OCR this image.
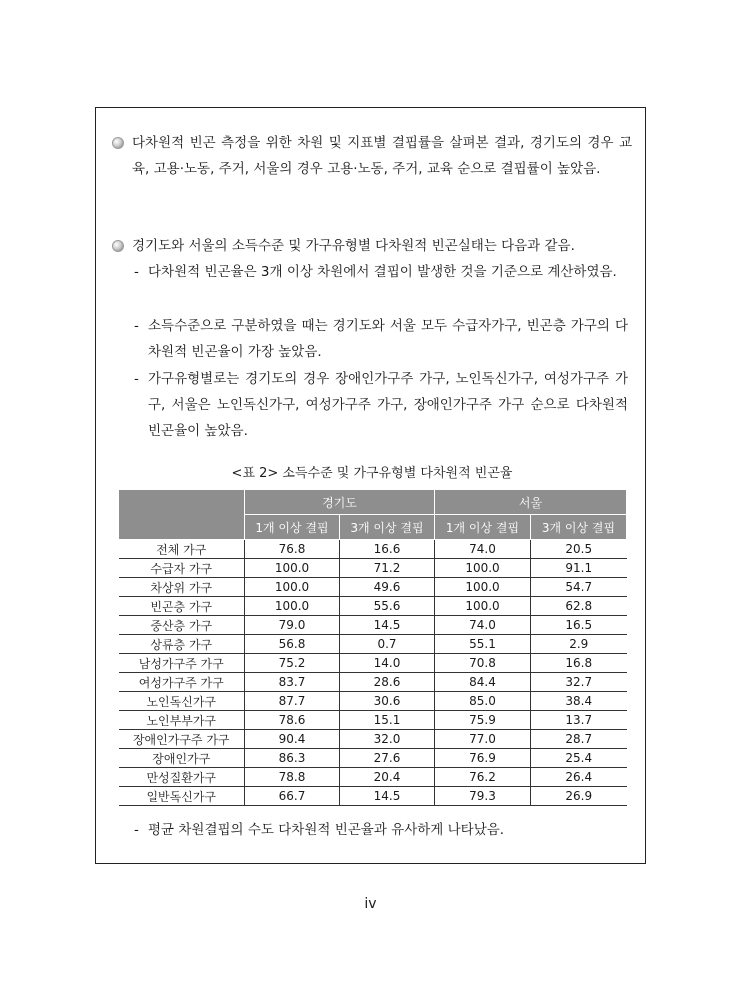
다차원적 빈곤 측정을 위한 차원 및 지표별 결핍률을 살펴본 결과, 경기도의 경우 교육, 고용·노동, 주거, 서울의 경우 고용·노동, 주거, 교육 순으로 결핍률이 높았음.
경기도와 서울의 소득수준 및 가구유형별 다차원적 빈곤실태는 다음과 같음.
- 다차원적 빈곤율은 3개 이상 차원에서 결핍이 발생한 것을 기준으로 계산하였음.
- 소득수준으로 구분하였을 때는 경기도와 서울 모두 수급자가구, 빈곤층 가구의 다차원적 빈곤율이 가장 높았음.
- 가구유형별로는 경기도의 경우 장애인가구주 가구, 노인독신가구, 여성가구주 가구, 서울은 노인독신가구, 여성가구주 가구, 장애인가구주 가구 순으로 다차원적 빈곤율이 높았음.
<표 2> 소득수준 및 가구유형별 다차원적 빈곤율
	경기도		서울	
	1개 이상 결핍	3개 이상 결핍	1개 이상 결핍	3개 이상 결핍
전체 가구	76.8	16.6	74.0	20.5
수급자 가구	100.0	71.2	100.0	91.1
차상위 가구	100.0	49.6	100.0	54.7
빈곤층 가구	100.0	55.6	100.0	62.8
중산층 가구	79.0	14.5	74.0	16.5
상류층 가구	56.8	0.7	55.1	2.9
남성가구주 가구	75.2	14.0	70.8	16.8
여성가구주 가구	83.7	28.6	84.4	32.7
노인독신가구	87.7	30.6	85.0	38.4
노인부부가구	78.6	15.1	75.9	13.7
장애인가구주 가구	90.4	32.0	77.0	28.7
장애인가구	86.3	27.6	76.9	25.4
만성질환가구	78.8	20.4	76.2	26.4
일반독신가구	66.7	14.5	79.3	26.9
- 평균 차원결핍의 수도 다차원적 빈곤율과 유사하게 나타났음.
iv
